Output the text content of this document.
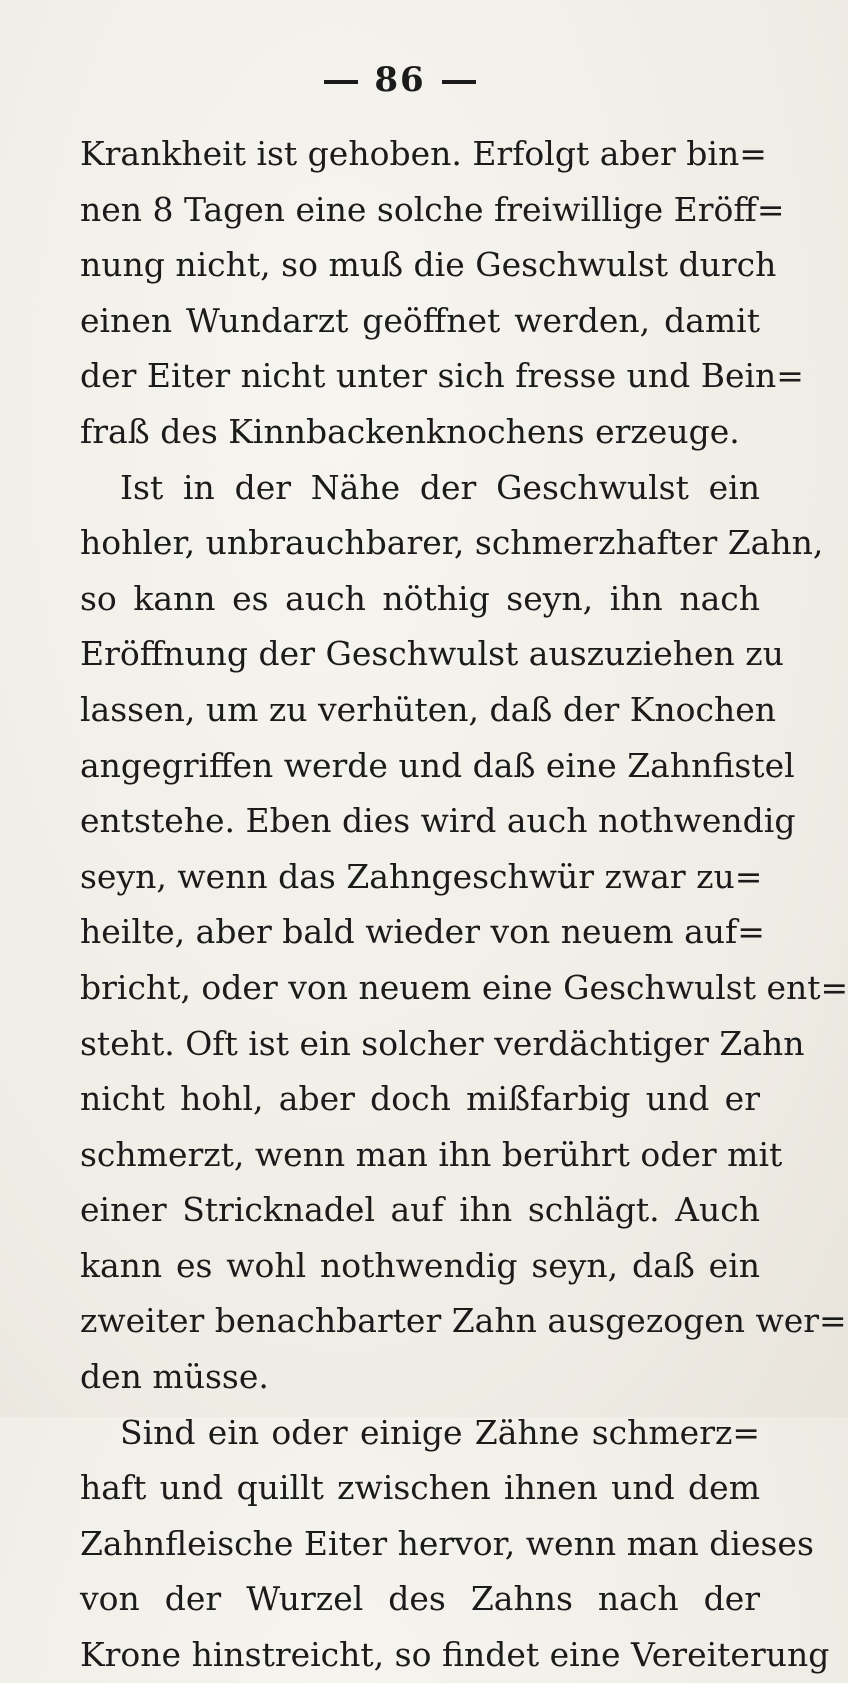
86
Krankheit ist gehoben. Erfolgt aber bin=
nen 8 Tagen eine solche freiwillige Eröff=
nung nicht, so muß die Geschwulst durch
einen Wundarzt geöffnet werden, damit
der Eiter nicht unter sich fresse und Bein=
fraß des Kinnbackenknochens erzeuge.
Ist in der Nähe der Geschwulst ein
hohler, unbrauchbarer, schmerzhafter Zahn,
so kann es auch nöthig seyn, ihn nach
Eröffnung der Geschwulst auszuziehen zu
lassen, um zu verhüten, daß der Knochen
angegriffen werde und daß eine Zahnfistel
entstehe. Eben dies wird auch nothwendig
seyn, wenn das Zahngeschwür zwar zu=
heilte, aber bald wieder von neuem auf=
bricht, oder von neuem eine Geschwulst ent=
steht. Oft ist ein solcher verdächtiger Zahn
nicht hohl, aber doch mißfarbig und er
schmerzt, wenn man ihn berührt oder mit
einer Stricknadel auf ihn schlägt. Auch
kann es wohl nothwendig seyn, daß ein
zweiter benachbarter Zahn ausgezogen wer=
den müsse.
Sind ein oder einige Zähne schmerz=
haft und quillt zwischen ihnen und dem
Zahnfleische Eiter hervor, wenn man dieses
von der Wurzel des Zahns nach der
Krone hinstreicht, so findet eine Vereiterung
